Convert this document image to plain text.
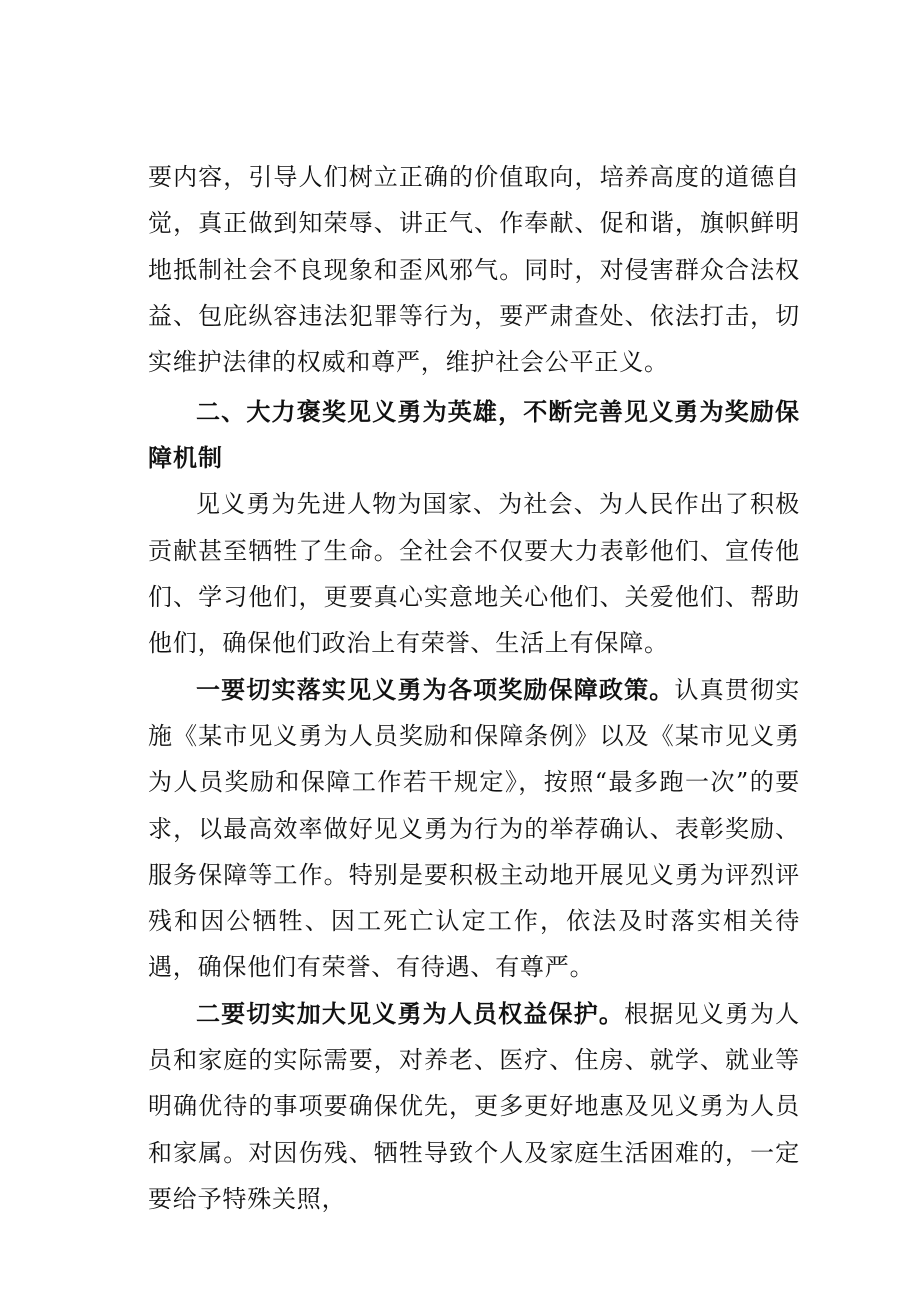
要内容，引导人们树立正确的价值取向，培养高度的道德自觉，真正做到知荣辱、讲正气、作奉献、促和谐，旗帜鲜明地抵制社会不良现象和歪风邪气。同时，对侵害群众合法权益、包庇纵容违法犯罪等行为，要严肃查处、依法打击，切实维护法律的权威和尊严，维护社会公平正义。

二、大力褒奖见义勇为英雄，不断完善见义勇为奖励保障机制

见义勇为先进人物为国家、为社会、为人民作出了积极贡献甚至牺牲了生命。全社会不仅要大力表彰他们、宣传他们、学习他们，更要真心实意地关心他们、关爱他们、帮助他们，确保他们政治上有荣誉、生活上有保障。

一要切实落实见义勇为各项奖励保障政策。认真贯彻实施《某市见义勇为人员奖励和保障条例》以及《某市见义勇为人员奖励和保障工作若干规定》，按照“最多跑一次”的要求，以最高效率做好见义勇为行为的举荐确认、表彰奖励、服务保障等工作。特别是要积极主动地开展见义勇为评烈评残和因公牺牲、因工死亡认定工作，依法及时落实相关待遇，确保他们有荣誉、有待遇、有尊严。

二要切实加大见义勇为人员权益保护。根据见义勇为人员和家庭的实际需要，对养老、医疗、住房、就学、就业等明确优待的事项要确保优先，更多更好地惠及见义勇为人员和家属。对因伤残、牺牲导致个人及家庭生活困难的，一定要给予特殊关照，
